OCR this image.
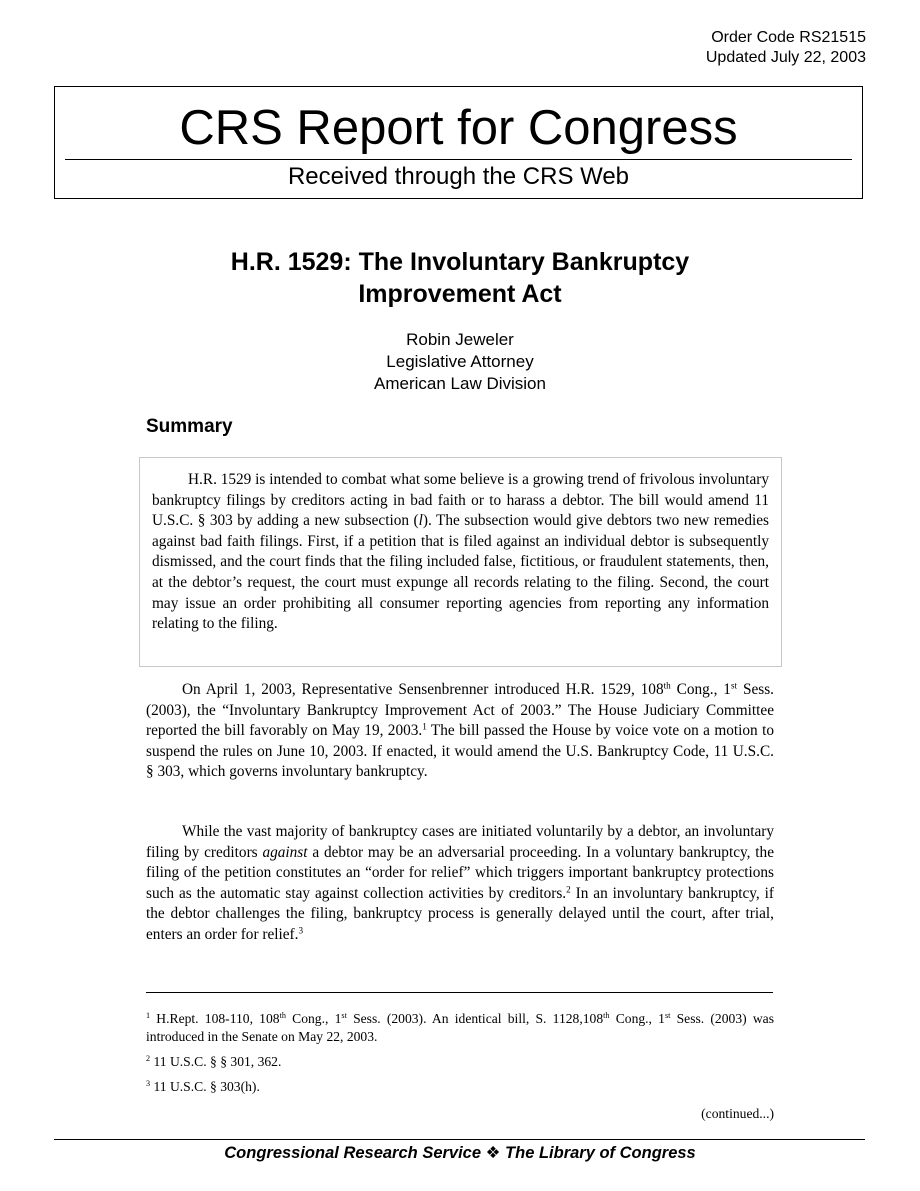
Order Code RS21515
Updated July 22, 2003
CRS Report for Congress
Received through the CRS Web
H.R. 1529: The Involuntary Bankruptcy
Improvement Act
Robin Jeweler
Legislative Attorney
American Law Division
Summary
H.R. 1529 is intended to combat what some believe is a growing trend of frivolous involuntary bankruptcy filings by creditors acting in bad faith or to harass a debtor. The bill would amend 11 U.S.C. § 303 by adding a new subsection (l). The subsection would give debtors two new remedies against bad faith filings. First, if a petition that is filed against an individual debtor is subsequently dismissed, and the court finds that the filing included false, fictitious, or fraudulent statements, then, at the debtor’s request, the court must expunge all records relating to the filing. Second, the court may issue an order prohibiting all consumer reporting agencies from reporting any information relating to the filing.

On April 1, 2003, Representative Sensenbrenner introduced H.R. 1529, 108th Cong., 1st Sess. (2003), the “Involuntary Bankruptcy Improvement Act of 2003.” The House Judiciary Committee reported the bill favorably on May 19, 2003.$^1$ The bill passed the House by voice vote on a motion to suspend the rules on June 10, 2003. If enacted, it would amend the U.S. Bankruptcy Code, 11 U.S.C. § 303, which governs involuntary bankruptcy.

While the vast majority of bankruptcy cases are initiated voluntarily by a debtor, an involuntary filing by creditors against a debtor may be an adversarial proceeding. In a voluntary bankruptcy, the filing of the petition constitutes an “order for relief” which triggers important bankruptcy protections such as the automatic stay against collection activities by creditors.$^2$ In an involuntary bankruptcy, if the debtor challenges the filing, bankruptcy process is generally delayed until the court, after trial, enters an order for relief.$^3$

$^1$ H.Rept. 108-110, 108th Cong., 1st Sess. (2003). An identical bill, S. 1128,108th Cong., 1st Sess. (2003) was introduced in the Senate on May 22, 2003.

$^2$ 11 U.S.C. § § 301, 362.

$^3$ 11 U.S.C. § 303(h).

(continued...)
Congressional Research Service ❖ The Library of Congress
